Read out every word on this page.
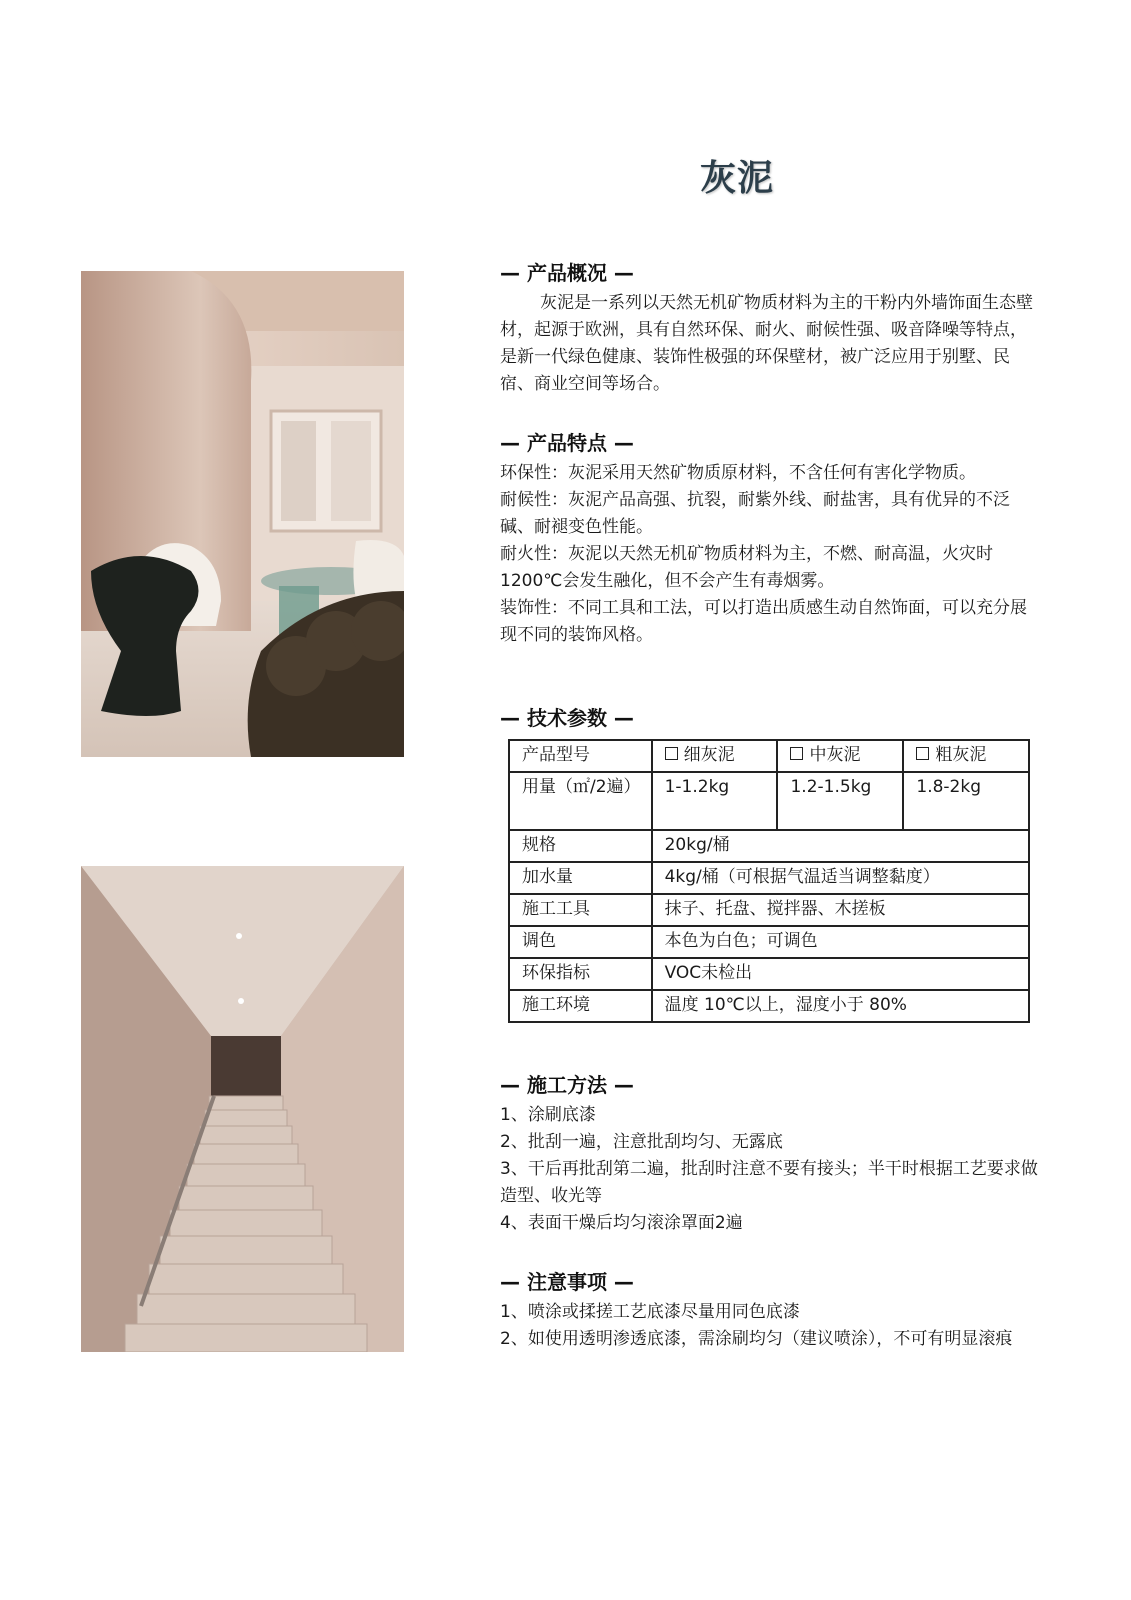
灰泥
— 产品概况 —

灰泥是一系列以天然无机矿物质材料为主的干粉内外墙饰面生态壁材，起源于欧洲，具有自然环保、耐火、耐候性强、吸音降噪等特点，是新一代绿色健康、装饰性极强的环保壁材，被广泛应用于别墅、民宿、商业空间等场合。

— 产品特点 —

环保性：灰泥采用天然矿物质原材料，不含任何有害化学物质。

耐候性：灰泥产品高强、抗裂，耐紫外线、耐盐害，具有优异的不泛碱、耐褪变色性能。

耐火性：灰泥以天然无机矿物质材料为主，不燃、耐高温，火灾时1200℃会发生融化，但不会产生有毒烟雾。

装饰性：不同工具和工法，可以打造出质感生动自然饰面，可以充分展现不同的装饰风格。

— 技术参数 —
产品型号	细灰泥	中灰泥	粗灰泥
用量（㎡/2遍）	1-1.2kg	1.2-1.5kg	1.8-2kg
规格	20kg/桶		
加水量	4kg/桶（可根据气温适当调整黏度）		
施工工具	抹子、托盘、搅拌器、木搓板		
调色	本色为白色；可调色		
环保指标	VOC未检出		
施工环境	温度 10℃以上，湿度小于 80%		
— 施工方法 —

1、涂刷底漆

2、批刮一遍，注意批刮均匀、无露底

3、干后再批刮第二遍，批刮时注意不要有接头；半干时根据工艺要求做造型、收光等

4、表面干燥后均匀滚涂罩面2遍

— 注意事项 —

1、喷涂或揉搓工艺底漆尽量用同色底漆

2、如使用透明渗透底漆，需涂刷均匀（建议喷涂），不可有明显滚痕
